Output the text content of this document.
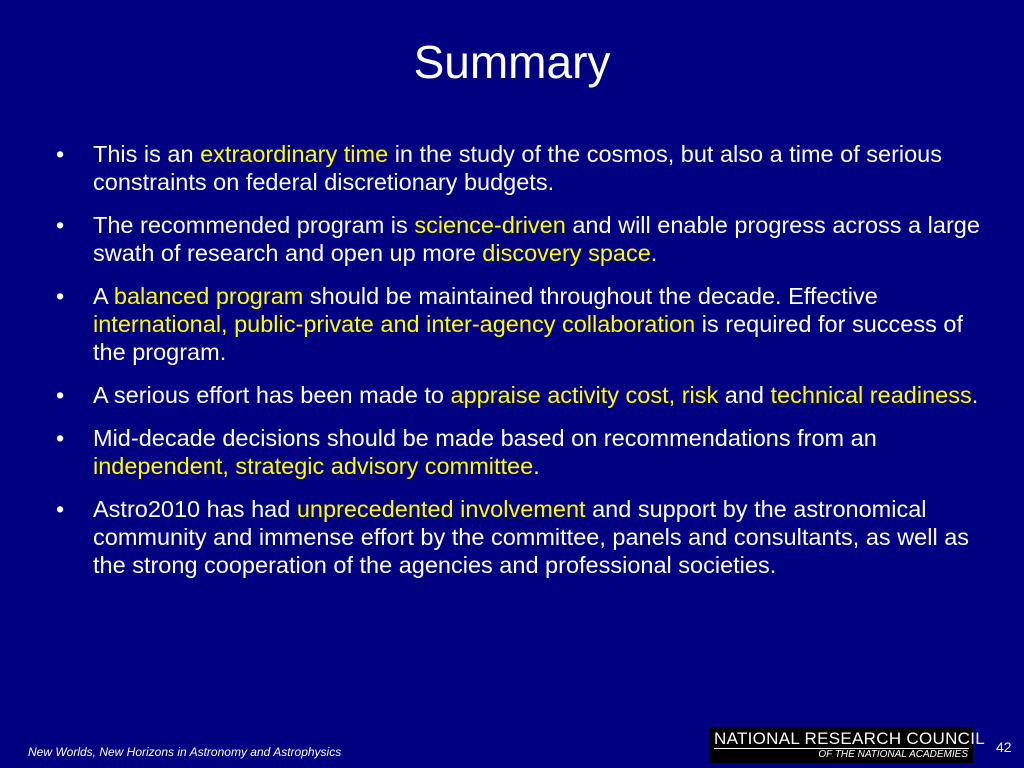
Summary
• This is an extraordinary time in the study of the cosmos, but also a time of serious constraints on federal discretionary budgets.
• The recommended program is science-driven and will enable progress across a large swath of research and open up more discovery space.
• A balanced program should be maintained throughout the decade. Effective international, public-private and inter-agency collaboration is required for success of the program.
• A serious effort has been made to appraise activity cost, risk and technical readiness.
• Mid-decade decisions should be made based on recommendations from an independent, strategic advisory committee.
• Astro2010 has had unprecedented involvement and support by the astronomical community and immense effort by the committee, panels and consultants, as well as the strong cooperation of the agencies and professional societies.
New Worlds, New Horizons in Astronomy and Astrophysics
NATIONAL RESEARCH COUNCIL
OF THE NATIONAL ACADEMIES 42
